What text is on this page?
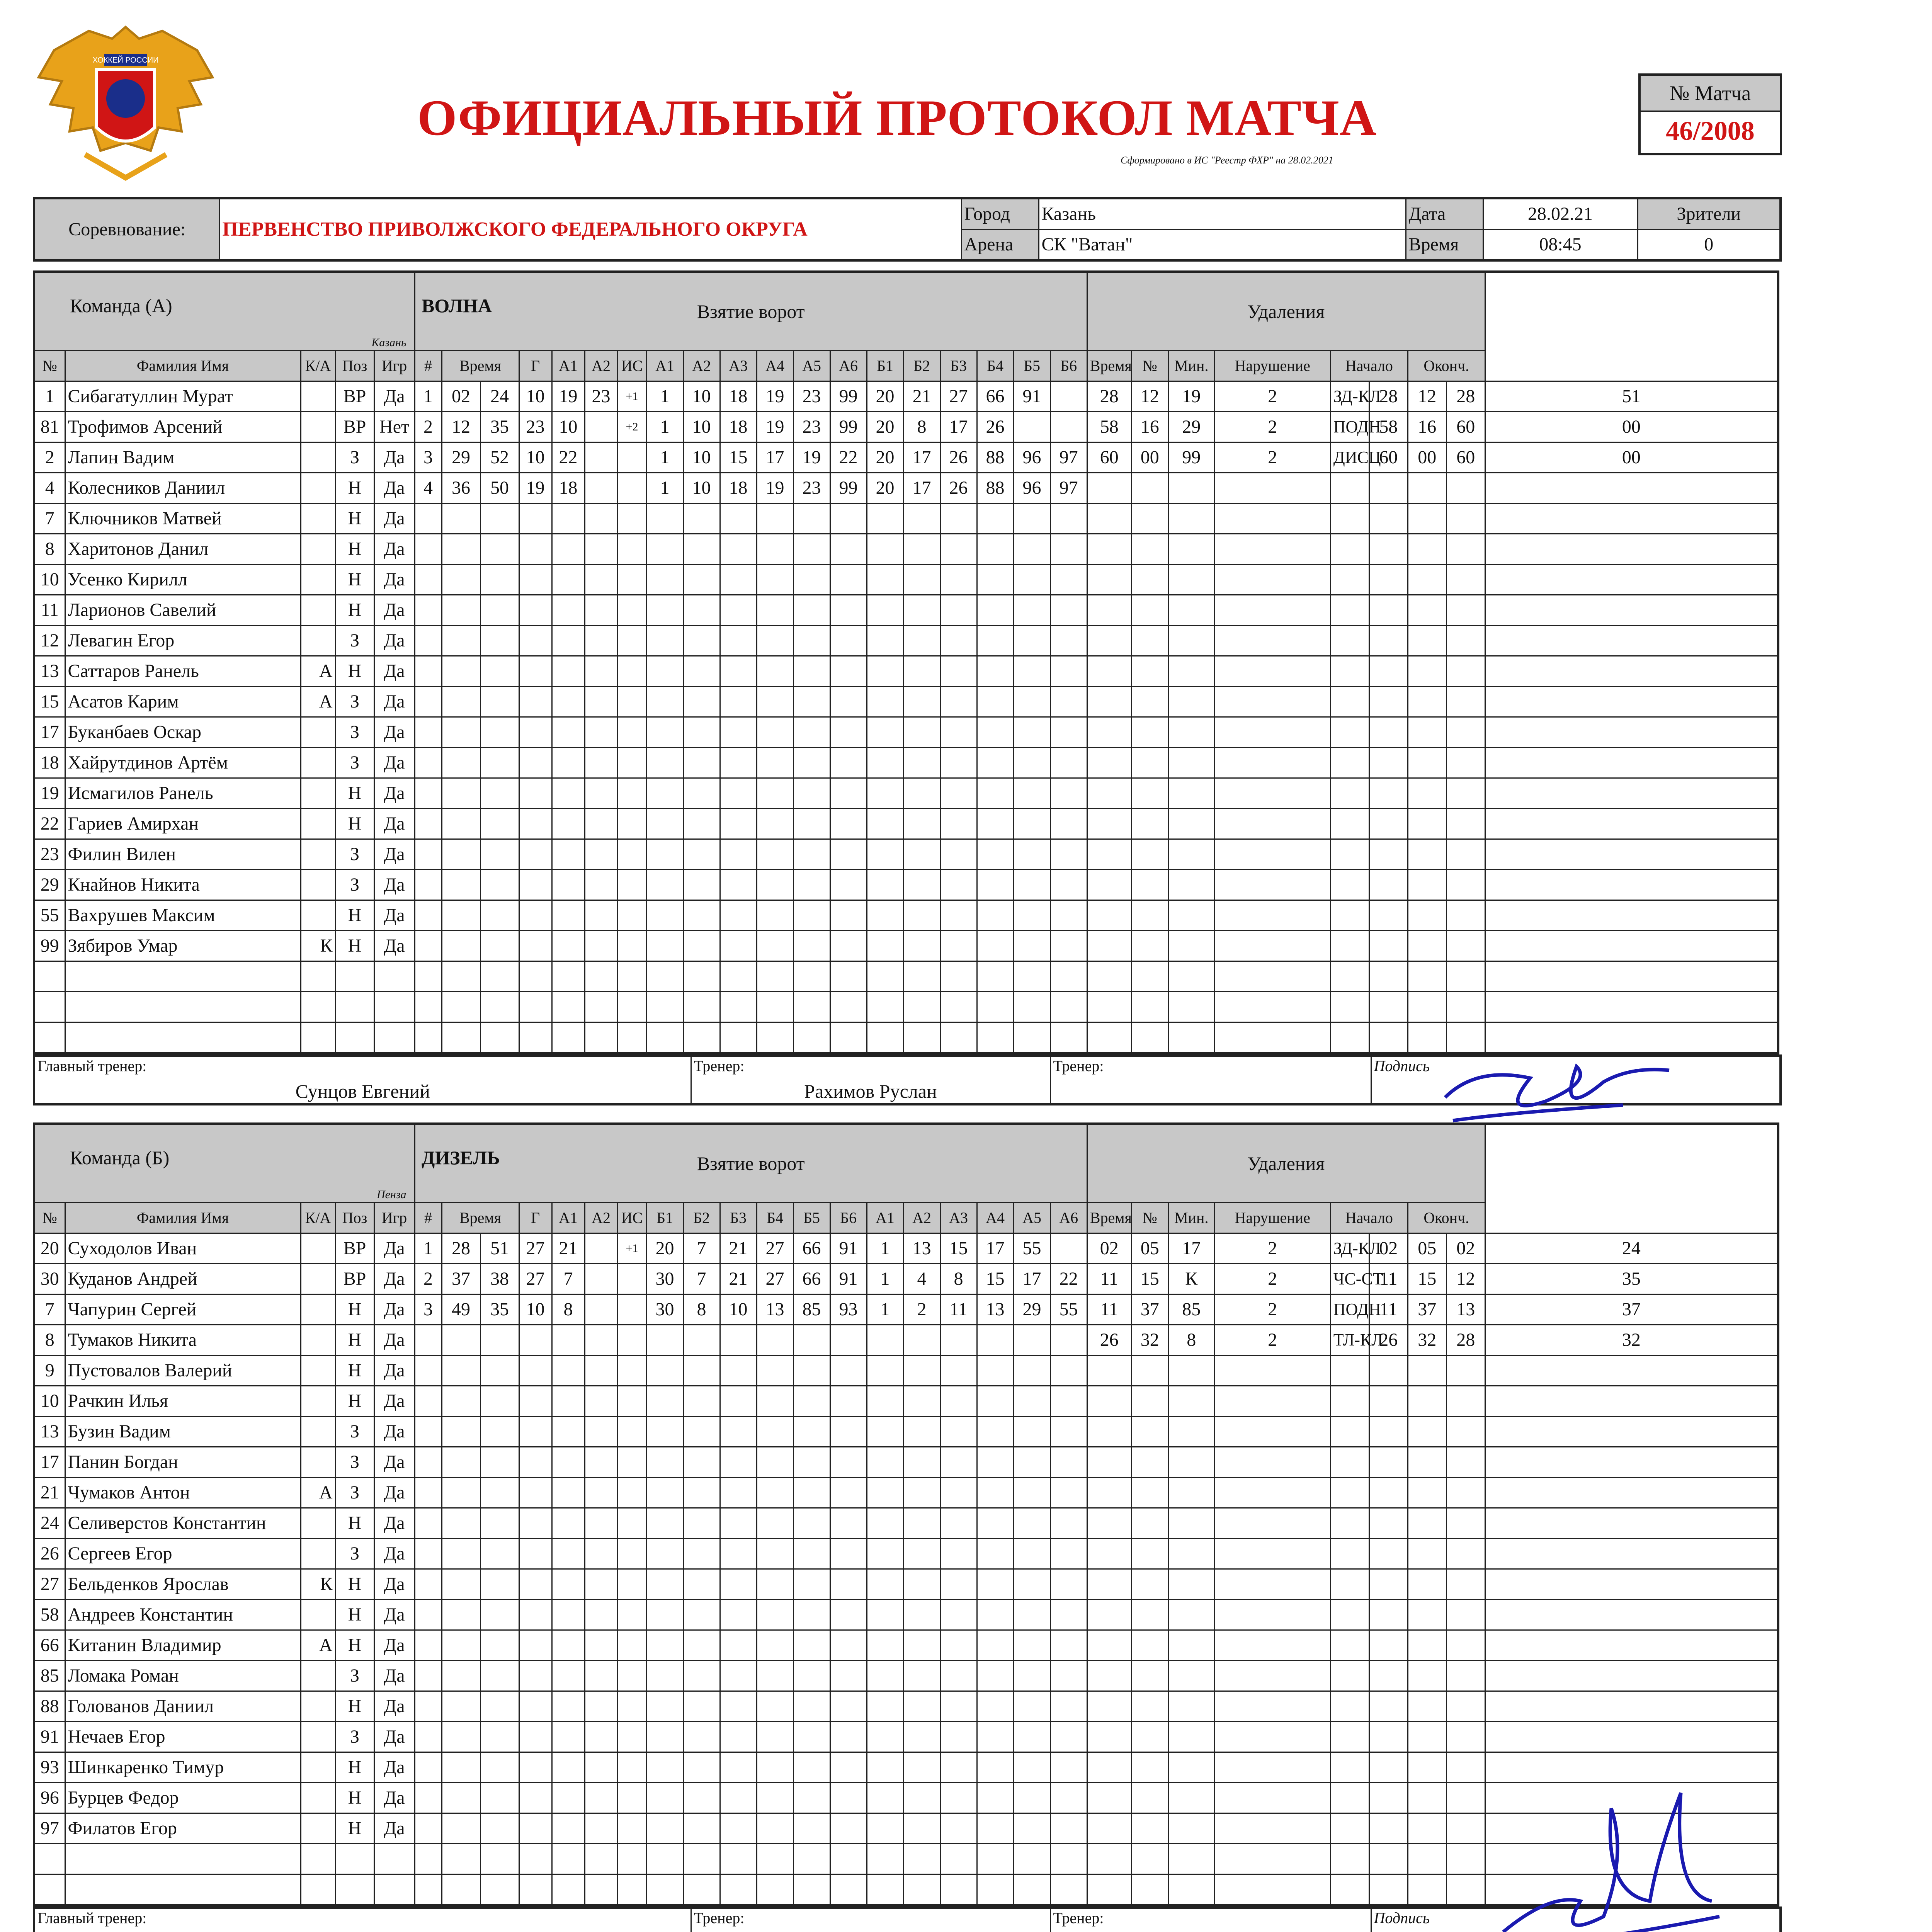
ХОККЕЙ РОССИИ
ОФИЦИАЛЬНЫЙ ПРОТОКОЛ МАТЧА
Сформировано в ИС "Реестр ФХР" на 28.02.2021
№ Матча
46/2008
Соревнование:	ПЕРВЕНСТВО ПРИВОЛЖСКОГО ФЕДЕРАЛЬНОГО ОКРУГА	Город	Казань	Дата	28.02.21	Зрители
		Арена	СК "Ватан"	Время	08:45	0
Команда (А) ВОЛНА
Казань					Взятие ворот																			Удаления								

№	Фамилия Имя	К/А	Поз	Игр	#	Время		Г	А1	А2	ИС	А1	А2	А3	А4	А5	А6	Б1	Б2	Б3	Б4	Б5	Б6	Время	№	Мин.	Нарушение	Начало		Оконч.		
1	Сибагатуллин Мурат		ВР	Да	1	02	24	10	19	23	+1	1	10	18	19	23	99	20	21	27	66	91		28	12	19	2	ЗД-КЛ	28	12	28	51
81	Трофимов Арсений		ВР	Нет	2	12	35	23	10		+2	1	10	18	19	23	99	20	8	17	26			58	16	29	2	ПОДН	58	16	60	00
2	Лапин Вадим		З	Да	3	29	52	10	22			1	10	15	17	19	22	20	17	26	88	96	97	60	00	99	2	ДИСЦ	60	00	60	00
4	Колесников Даниил		Н	Да	4	36	50	19	18			1	10	18	19	23	99	20	17	26	88	96	97									
7	Ключников Матвей		Н	Да																												
8	Харитонов Данил		Н	Да																												
10	Усенко Кирилл		Н	Да																												
11	Ларионов Савелий		Н	Да																												
12	Левагин Егор		З	Да																												
13	Саттаров Ранель	А	Н	Да																												
15	Асатов Карим	А	З	Да																												
17	Буканбаев Оскар		З	Да																												
18	Хайрутдинов Артём		З	Да																												
19	Исмагилов Ранель		Н	Да																												
22	Гариев Амирхан		Н	Да																												
23	Филин Вилен		З	Да																												
29	Кнайнов Никита		З	Да																												
55	Вахрушев Максим		Н	Да																												
99	Зябиров Умар	К	Н	Да																												

Главный тренер:
Сунцов Евгений

Тренер:
Рахимов Руслан

Тренер:	Подпись
Команда (Б) ДИЗЕЛЬ
Пенза					Взятие ворот																			Удаления								

№	Фамилия Имя	К/А	Поз	Игр	#	Время		Г	А1	А2	ИС	Б1	Б2	Б3	Б4	Б5	Б6	А1	А2	А3	А4	А5	А6	Время	№	Мин.	Нарушение	Начало		Оконч.		
20	Суходолов Иван		ВР	Да	1	28	51	27	21		+1	20	7	21	27	66	91	1	13	15	17	55		02	05	17	2	ЗД-КЛ	02	05	02	24
30	Куданов Андрей		ВР	Да	2	37	38	27	7			30	7	21	27	66	91	1	4	8	15	17	22	11	15	К	2	ЧС-СТ	11	15	12	35
7	Чапурин Сергей		Н	Да	3	49	35	10	8			30	8	10	13	85	93	1	2	11	13	29	55	11	37	85	2	ПОДН	11	37	13	37
8	Тумаков Никита		Н	Да																				26	32	8	2	ТЛ-КЛ	26	32	28	32
9	Пустовалов Валерий		Н	Да																												
10	Рачкин Илья		Н	Да																												
13	Бузин Вадим		З	Да																												
17	Панин Богдан		З	Да																												
21	Чумаков Антон	А	З	Да																												
24	Селиверстов Константин		Н	Да																												
26	Сергеев Егор		З	Да																												
27	Бельденков Ярослав	К	Н	Да																												
58	Андреев Константин		Н	Да																												
66	Китанин Владимир	А	Н	Да																												
85	Ломака Роман		З	Да																												
88	Голованов Даниил		Н	Да																												
91	Нечаев Егор		З	Да																												
93	Шинкаренко Тимур		Н	Да																												
96	Бурцев Федор		Н	Да																												
97	Филатов Егор		Н	Да																												

Главный тренер:	Тренер:	Тренер:	Подпись
